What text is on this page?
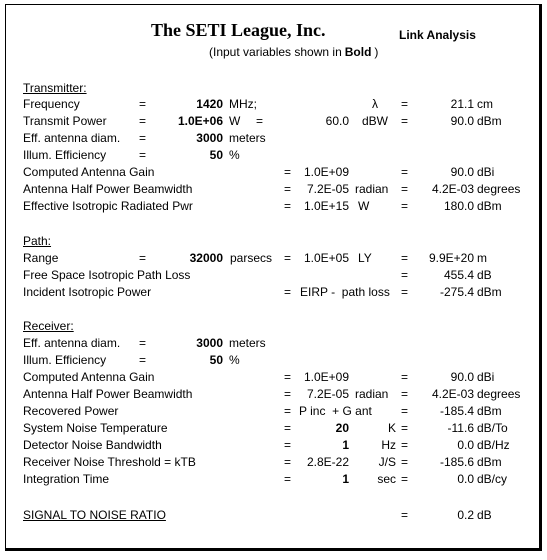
The SETI League, Inc.	Link Analysis
(Input variables shown in Bold )
Transmitter:
Frequency	=	1420 MHz;	λ =	21.1 cm
Transmit Power	=	1.0E+06 W =	60.0 dBW =	90.0 dBm
Eff. antenna diam. =	3000 meters
Illum. Efficiency	=	50 %
Computed Antenna Gain	= 1.0E+09	=	90.0 dBi
Antenna Half Power Beamwidth	= 7.2E-05 radian = 4.2E-03 degrees
Effective Isotropic Radiated Pwr	= 1.0E+15 W	=	180.0 dBm
Path:
Range	=	32000 parsecs = 1.0E+05 LY = 9.9E+20 m
Free Space Isotropic Path Loss	=	455.4 dB
Incident Isotropic Power	= EIRP -  path loss =	-275.4 dBm
Receiver:
Eff. antenna diam. =	3000 meters
Illum. Efficiency	=	50 %
Computed Antenna Gain	= 1.0E+09	=	90.0 dBi
Antenna Half Power Beamwidth	= 7.2E-05 radian = 4.2E-03 degrees
Recovered Power	= P inc  + G ant =	-185.4 dBm
System Noise Temperature	=	20	K =	-11.6 dB/To
Detector Noise Bandwidth	=	1	Hz =	0.0 dB/Hz
Receiver Noise Threshold = kTB	= 2.8E-22 J/S =	-185.6 dBm
Integration Time	=	1 sec =	0.0 dB/cy
SIGNAL TO NOISE RATIO	=	0.2 dB
